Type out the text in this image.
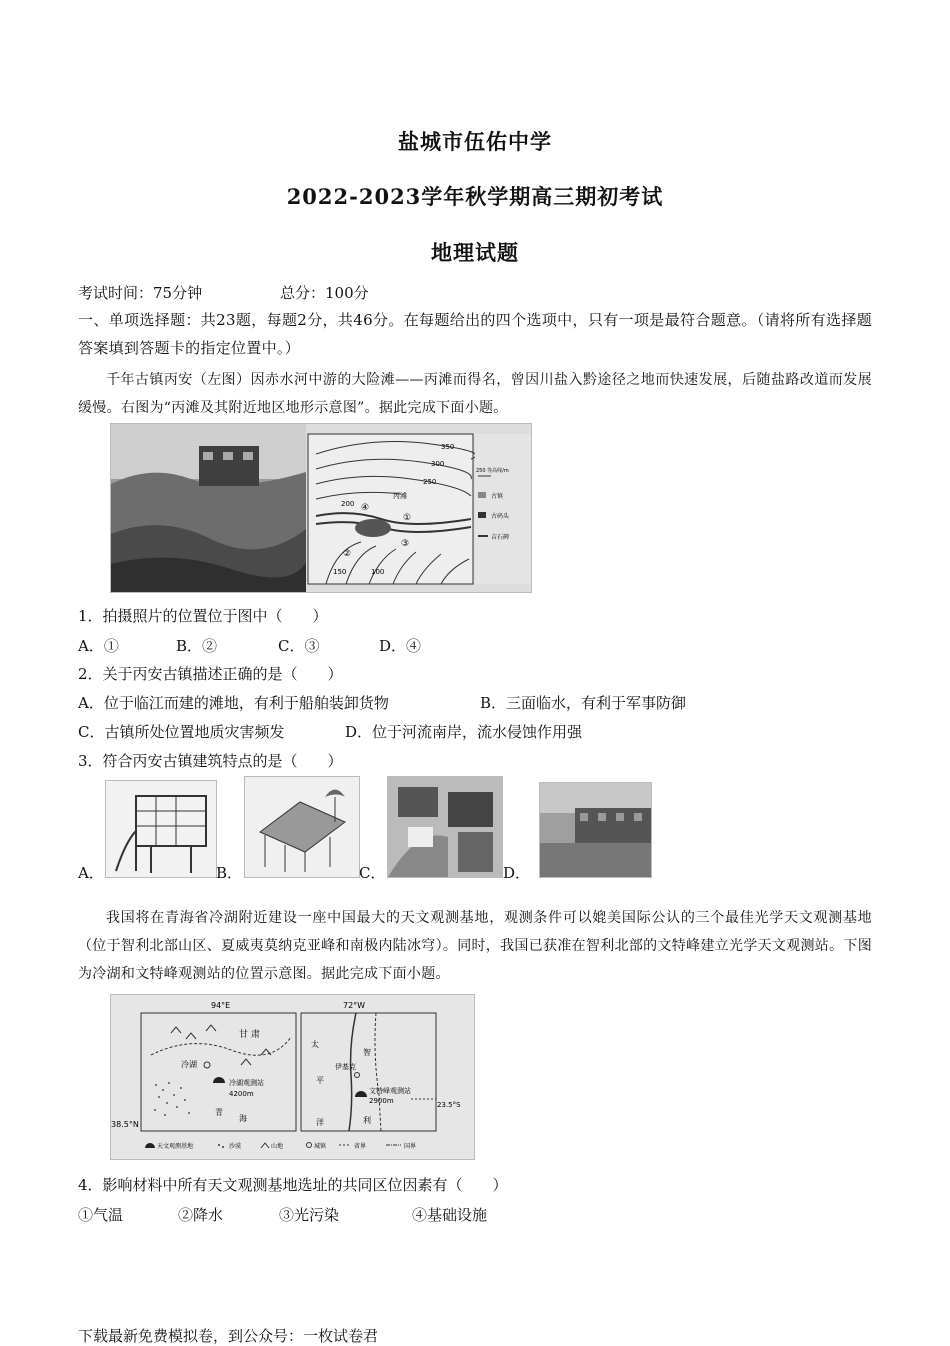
盐城市伍佑中学
2022-2023学年秋学期高三期初考试
地理试题
考试时间：75分钟	总分：100分
一、单项选择题：共23题，每题2分，共46分。在每题给出的四个选项中，只有一项是最符合题意。（请将所有选择题答案填到答题卡的指定位置中。）
千年古镇丙安（左图）因赤水河中游的大险滩——丙滩而得名，曾因川盐入黔途径之地而快速发展，后随盐路改道而发展缓慢。右图为“丙滩及其附近地区地形示意图”。据此完成下面小题。
350
300
250
200
150	100
丙滩
①
②
③
④
250 等高线/m
古镇
古码头
吉石碑
1．拍摄照片的位置位于图中（　　）
A．①	B．②	C．③	D．④
2．关于丙安古镇描述正确的是（　　）
A．位于临江而建的滩地，有利于船舶装卸货物	B．三面临水，有利于军事防御
C．古镇所处位置地质灾害频发	D．位于河流南岸，流水侵蚀作用强
3．符合丙安古镇建筑特点的是（　　）
A．	B．	C．	D．
我国将在青海省冷湖附近建设一座中国最大的天文观测基地，观测条件可以媲美国际公认的三个最佳光学天文观测基地（位于智利北部山区、夏威夷莫纳克亚峰和南极内陆冰穹）。同时，我国已获准在智利北部的文特峰建立光学天文观测站。下图为冷湖和文特峰观测站的位置示意图。据此完成下面小题。
94°E
38.5°N
甘 肃
冷湖
冷湖观测站
4200m
青
海
72°W
23.5°S
太
平
洋
智
利
伊基克
文特峰观测站
2900m
天文观测基地	沙漠	山地	城镇	省界	国界
4．影响材料中所有天文观测基地选址的共同区位因素有（　　）
①气温	②降水	③光污染	④基础设施
下载最新免费模拟卷，到公众号：一枚试卷君
